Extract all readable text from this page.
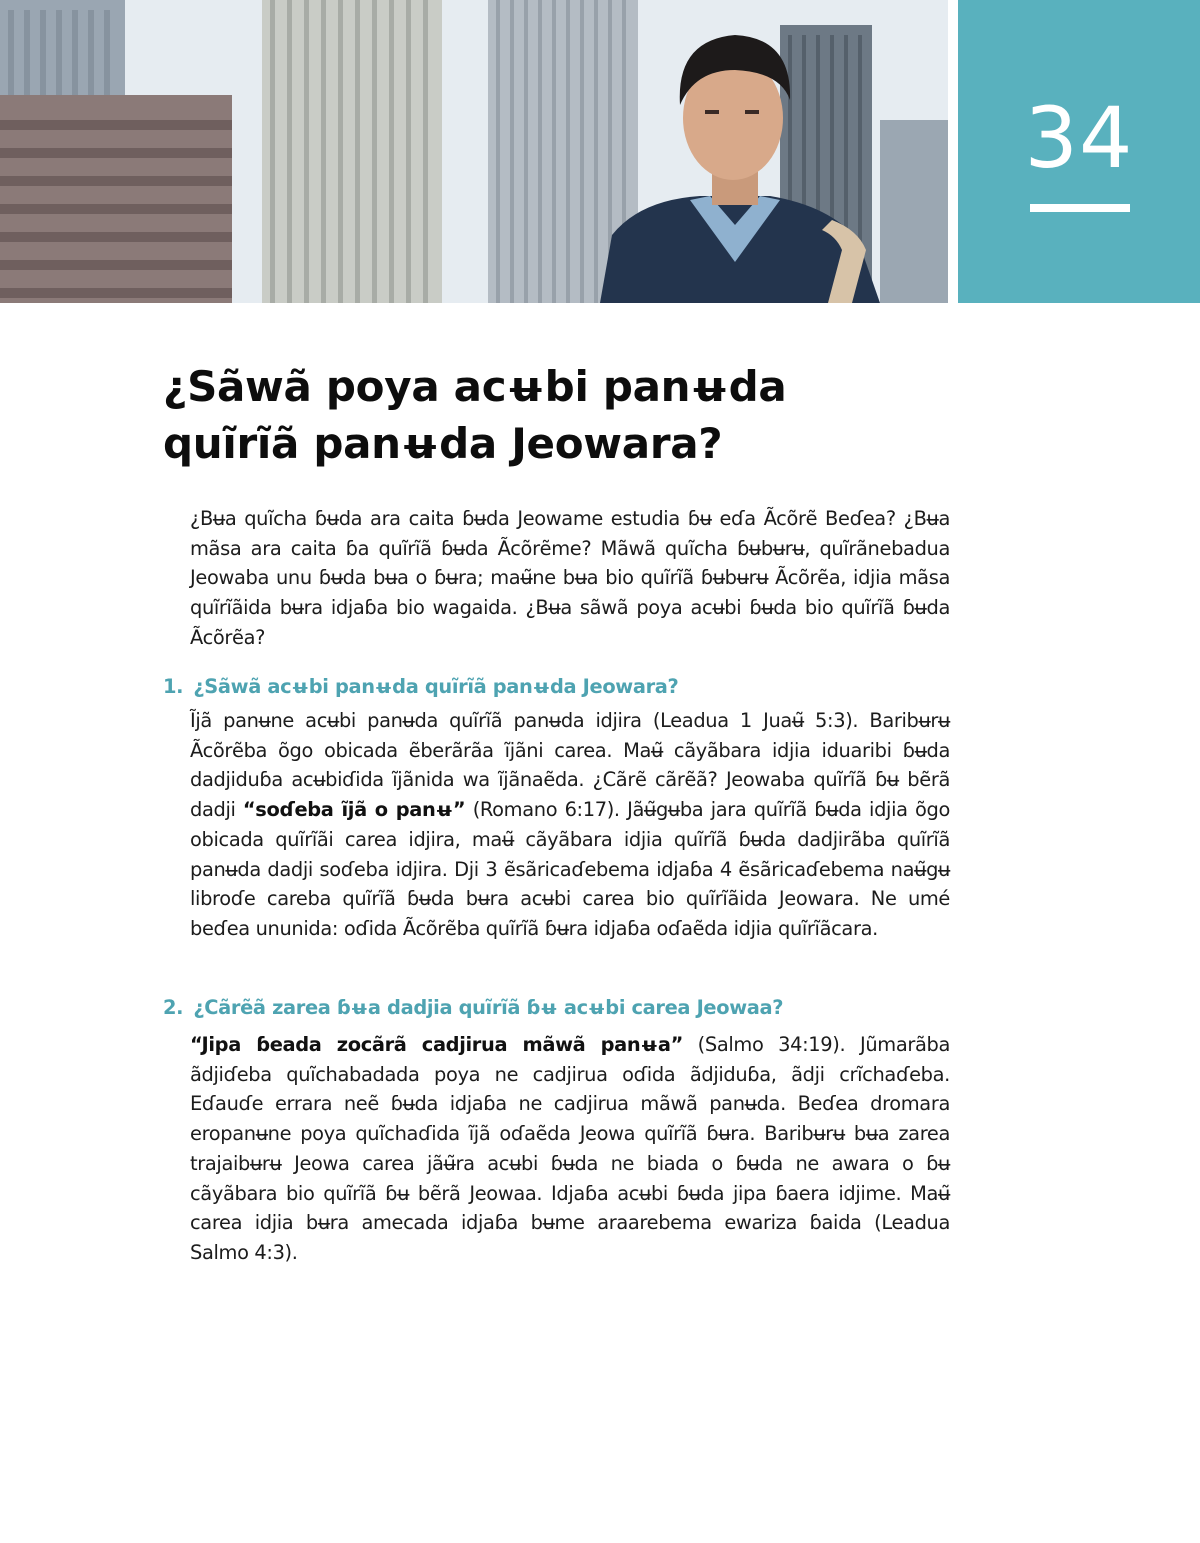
34
¿Sãwã poya acʉbi panʉda quĩrĩã panʉda Jeowara?

¿Bʉa quĩcha ɓʉda ara caita ɓʉda Jeowame estudia ɓʉ eɗa Ãcõrẽ Beɗea? ¿Bʉa mãsa ara caita ɓa quĩrĩã ɓʉda Ãcõrẽme? Mãwã quĩcha ɓʉbʉrʉ, quĩrãnebadua Jeowaba unu ɓʉda bʉa o ɓʉra; maʉ̃ne bʉa bio quĩrĩã ɓʉbʉrʉ Ãcõrẽa, idjia mãsa quĩrĩãida bʉra idjaɓa bio wagaida. ¿Bʉa sãwã poya acʉbi ɓʉda bio quĩrĩã ɓʉda Ãcõrẽa?

1. ¿Sãwã acʉbi panʉda quĩrĩã panʉda Jeowara?

Ĩjã panʉne acʉbi panʉda quĩrĩã panʉda idjira (Leadua 1 Juaʉ̃ 5:3). Baribʉrʉ Ãcõrẽba õgo obicada ẽberãrãa ĩjãni carea. Maʉ̃ cãyãbara idjia iduaribi ɓʉda dadjiduɓa acʉbiɗida ĩjãnida wa ĩjãnaẽda. ¿Cãrẽ cãrẽã? Jeowaba quĩrĩã ɓʉ bẽrã dadji “soɗeba ĩjã o panʉ” (Romano 6:17). Jãʉ̃gʉba jara quĩrĩã ɓʉda idjia õgo obicada quĩrĩãi carea idjira, maʉ̃ cãyãbara idjia quĩrĩã ɓʉda dadjirãba quĩrĩã panʉda dadji soɗeba idjira. Dji 3 ẽsãricaɗebema idjaɓa 4 ẽsãricaɗebema naʉ̃gʉ libroɗe careba quĩrĩã ɓʉda bʉra acʉbi carea bio quĩrĩãida Jeowara. Ne umé beɗea ununida: oɗida Ãcõrẽba quĩrĩã ɓʉra idjaɓa oɗaẽda idjia quĩrĩãcara.

2. ¿Cãrẽã zarea ɓʉa dadjia quĩrĩã ɓʉ acʉbi carea Jeowaa?

“Jipa ɓeada zocãrã cadjirua mãwã panʉa” (Salmo 34:19). Jũmarãba ãdjiɗeba quĩchabadada poya ne cadjirua oɗida ãdjiduɓa, ãdji crĩchaɗeba. Eɗauɗe errara neẽ ɓʉda idjaɓa ne cadjirua mãwã panʉda. Beɗea dromara eropanʉne poya quĩchaɗida ĩjã oɗaẽda Jeowa quĩrĩã ɓʉra. Baribʉrʉ bʉa zarea trajaibʉrʉ Jeowa carea jãʉ̃ra acʉbi ɓʉda ne biada o ɓʉda ne awara o ɓʉ cãyãbara bio quĩrĩã ɓʉ bẽrã Jeowaa. Idjaɓa acʉbi ɓʉda jipa ɓaera idjime. Maʉ̃ carea idjia bʉra amecada idjaɓa bʉme araarebema ewariza ɓaida (Leadua Salmo 4:3).
